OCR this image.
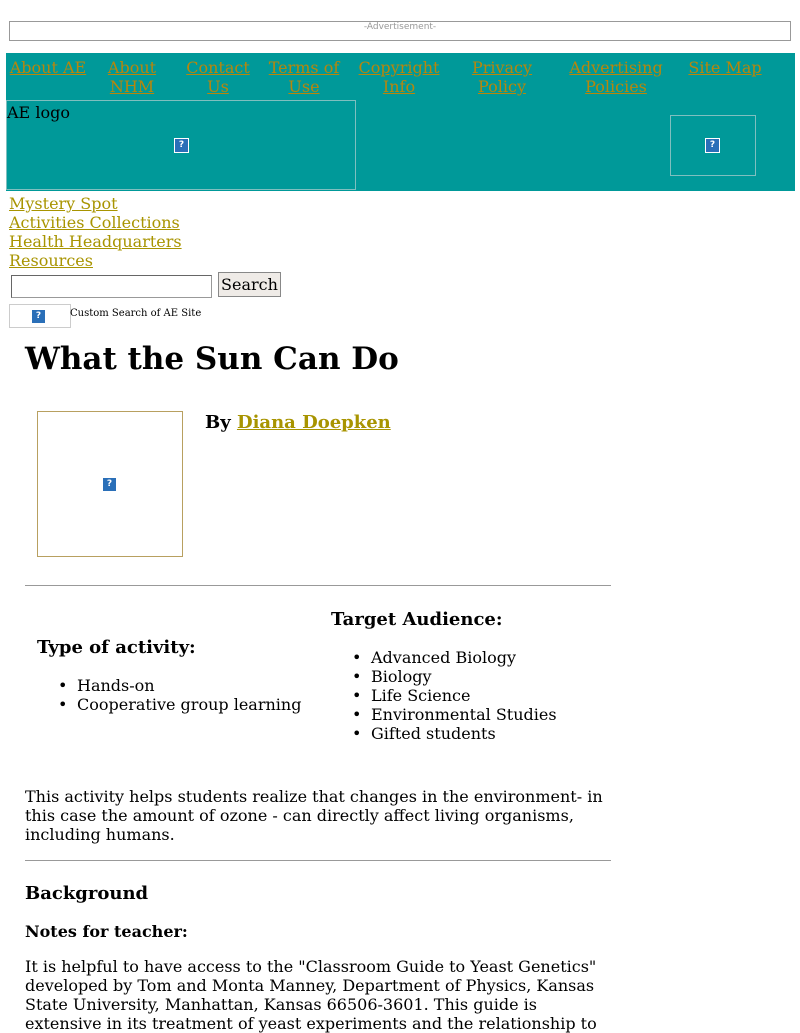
-Advertisement-
About AE	About NHM
Contact Us
Terms of Use
Copyright Info
Privacy Policy
Advertising Policies
Site Map
AE logo
?	?
Mystery Spot
Activities Collections
Health Headquarters
Resources
Search
?	Custom Search of AE Site
What the Sun Can Do
?
By Diana Doepken
Target Audience:
Type of activity:
• Hands-on
• Cooperative group learning
• Advanced Biology
• Biology
• Life Science
• Environmental Studies
• Gifted students

This activity helps students realize that changes in the environment- in this case the amount of ozone - can directly affect living organisms, including humans.

Background
Notes for teacher:

It is helpful to have access to the "Classroom Guide to Yeast Genetics" developed by Tom and Monta Manney, Department of Physics, Kansas State University, Manhattan, Kansas 66506-3601. This guide is extensive in its treatment of yeast experiments and the relationship to
